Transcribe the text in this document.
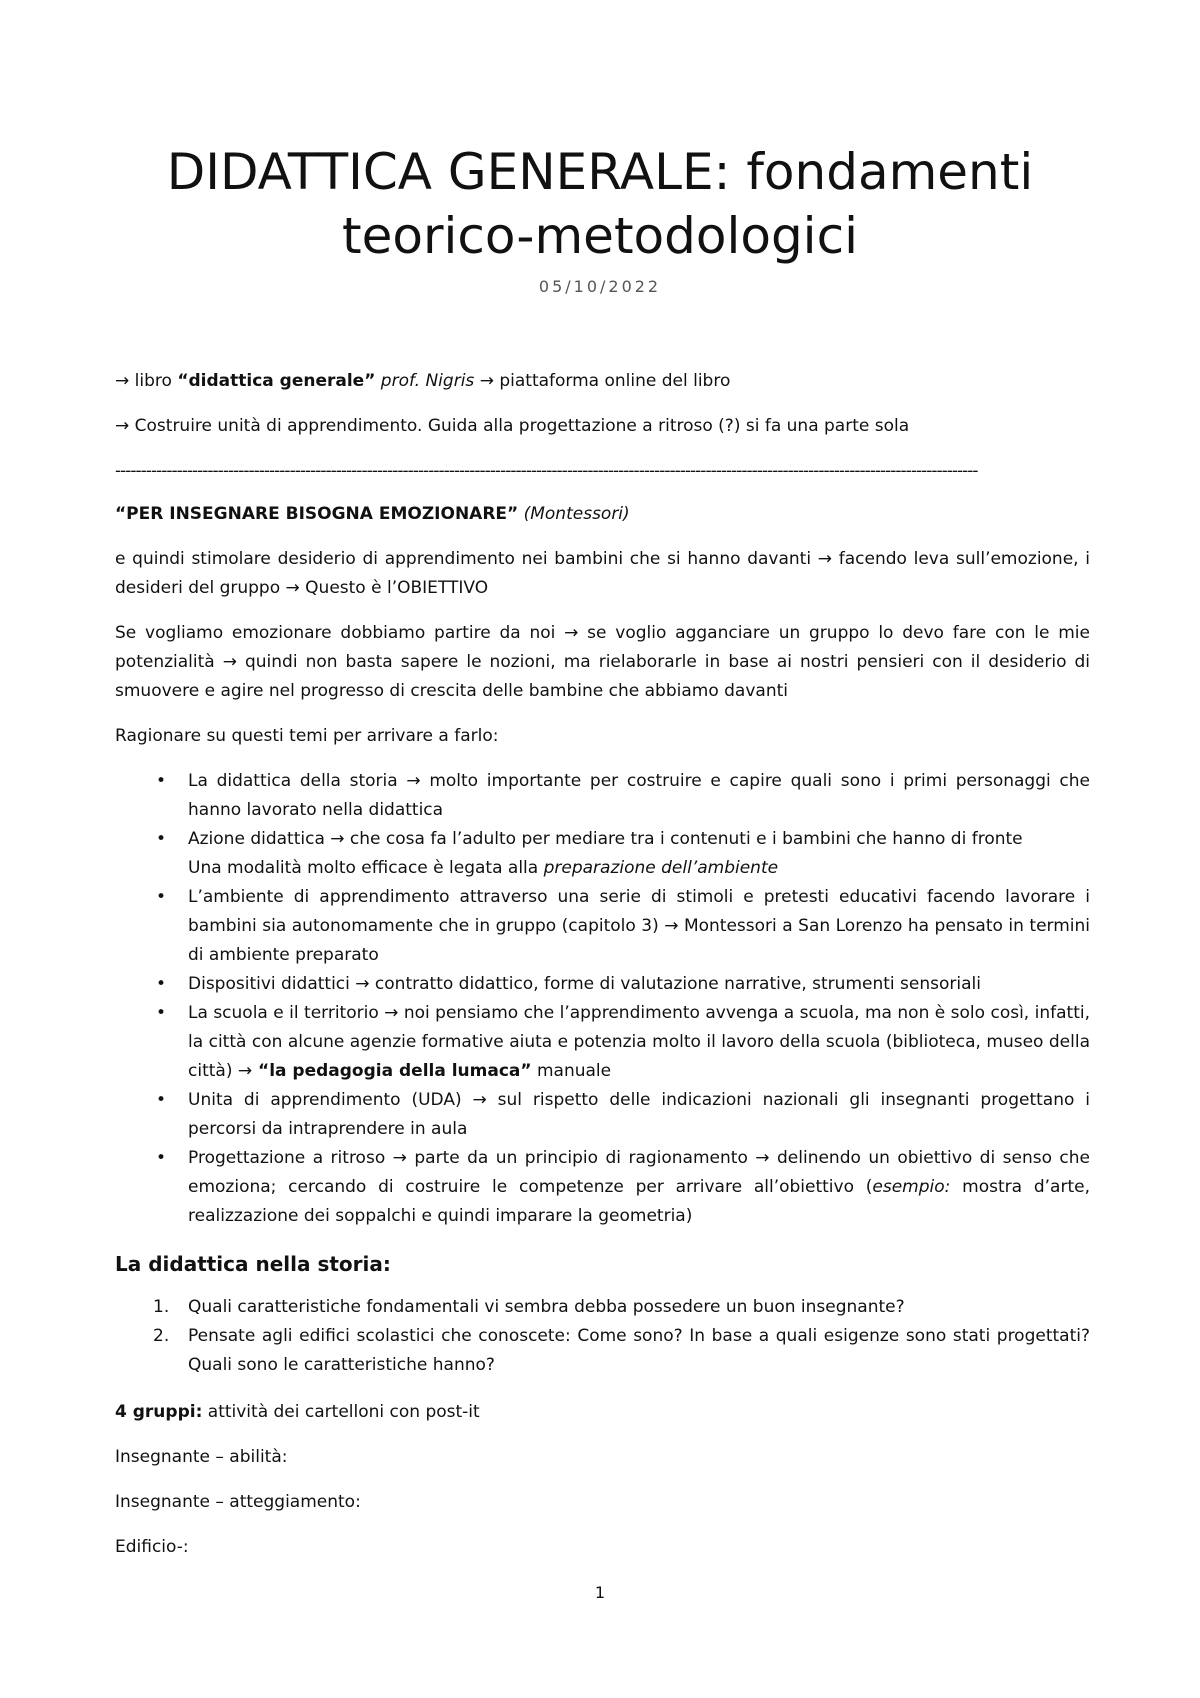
DIDATTICA GENERALE: fondamenti
teorico-metodologici
05/10/2022

→ libro “didattica generale” prof. Nigris → piattaforma online del libro

→ Costruire unità di apprendimento. Guida alla progettazione a ritroso (?) si fa una parte sola

------------------------------------------------------------------------------------------------------------------------------------------------------------------------

“PER INSEGNARE BISOGNA EMOZIONARE” (Montessori)

e quindi stimolare desiderio di apprendimento nei bambini che si hanno davanti → facendo leva sull’emozione, i desideri del gruppo → Questo è l’OBIETTIVO

Se vogliamo emozionare dobbiamo partire da noi → se voglio agganciare un gruppo lo devo fare con le mie potenzialità → quindi non basta sapere le nozioni, ma rielaborarle in base ai nostri pensieri con il desiderio di smuovere e agire nel progresso di crescita delle bambine che abbiamo davanti

Ragionare su questi temi per arrivare a farlo:

• La didattica della storia → molto importante per costruire e capire quali sono i primi personaggi che hanno lavorato nella didattica
• Azione didattica → che cosa fa l’adulto per mediare tra i contenuti e i bambini che hanno di fronte
Una modalità molto efficace è legata alla preparazione dell’ambiente
• L’ambiente di apprendimento attraverso una serie di stimoli e pretesti educativi facendo lavorare i bambini sia autonomamente che in gruppo (capitolo 3) → Montessori a San Lorenzo ha pensato in termini di ambiente preparato
• Dispositivi didattici → contratto didattico, forme di valutazione narrative, strumenti sensoriali
• La scuola e il territorio → noi pensiamo che l’apprendimento avvenga a scuola, ma non è solo così, infatti, la città con alcune agenzie formative aiuta e potenzia molto il lavoro della scuola (biblioteca, museo della città) → “la pedagogia della lumaca” manuale
• Unita di apprendimento (UDA) → sul rispetto delle indicazioni nazionali gli insegnanti progettano i percorsi da intraprendere in aula
• Progettazione a ritroso → parte da un principio di ragionamento → delinendo un obiettivo di senso che emoziona; cercando di costruire le competenze per arrivare all’obiettivo (esempio: mostra d’arte, realizzazione dei soppalchi e quindi imparare la geometria)
La didattica nella storia:
1. Quali caratteristiche fondamentali vi sembra debba possedere un buon insegnante?
2. Pensate agli edifici scolastici che conoscete: Come sono? In base a quali esigenze sono stati progettati? Quali sono le caratteristiche hanno?

4 gruppi: attività dei cartelloni con post-it

Insegnante – abilità:

Insegnante – atteggiamento:

Edificio-:

1
